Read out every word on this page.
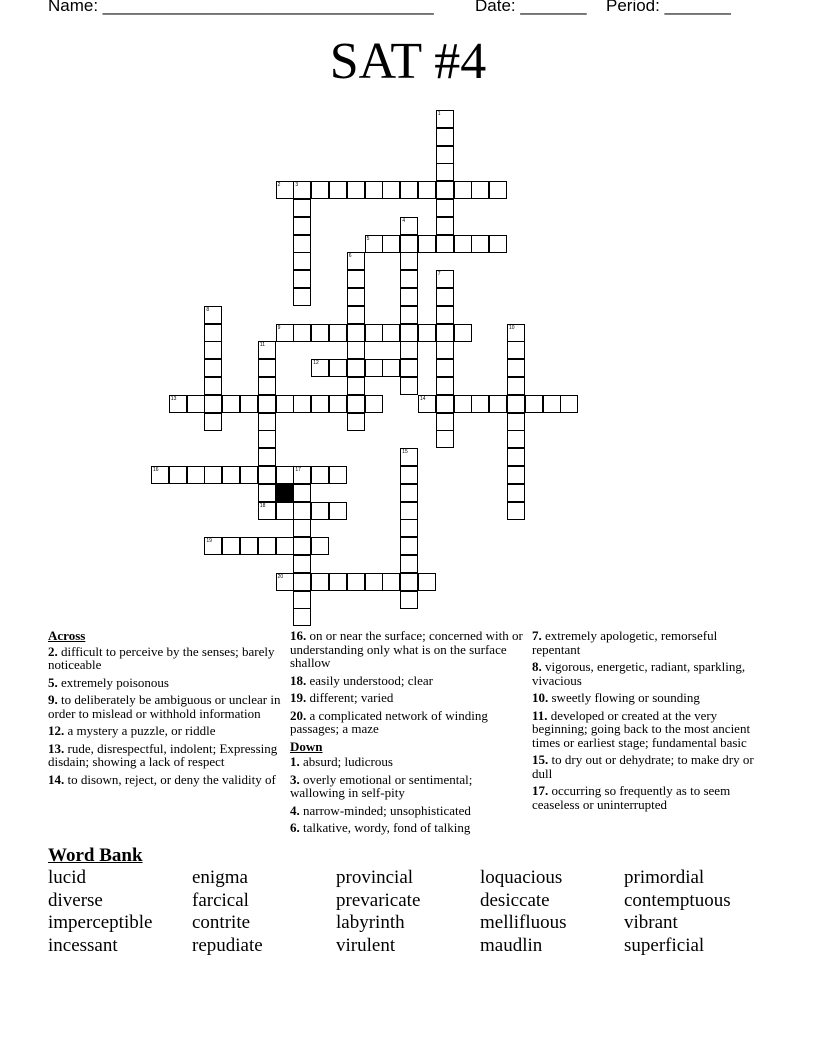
Name: ___________________________________ Date: _______ Period: _______
SAT #4
1
2	3
4
5
6
7
8
9	10
11
18
12
13	14
15
16	17
19
20
Across
2. difficult to perceive by the senses; barely noticeable
5. extremely poisonous
9. to deliberately be ambiguous or unclear in order to mislead or withhold information
12. a mystery a puzzle, or riddle
13. rude, disrespectful, indolent; Expressing disdain; showing a lack of respect
14. to disown, reject, or deny the validity of
16. on or near the surface; concerned with or understanding only what is on the surface shallow
18. easily understood; clear
19. different; varied
20. a complicated network of winding passages; a maze
Down
1. absurd; ludicrous
3. overly emotional or sentimental; wallowing in self-pity
4. narrow-minded; unsophisticated
6. talkative, wordy, fond of talking
7. extremely apologetic, remorseful repentant
8. vigorous, energetic, radiant, sparkling, vivacious
10. sweetly flowing or sounding
11. developed or created at the very beginning; going back to the most ancient times or earliest stage; fundamental basic
15. to dry out or dehydrate; to make dry or dull
17. occurring so frequently as to seem ceaseless or uninterrupted
Word Bank
lucid	enigma	provincial	loquacious	primordial
diverse	farcical	prevaricate	desiccate	contemptuous
imperceptible	contrite	labyrinth	mellifluous	vibrant
incessant	repudiate	virulent	maudlin	superficial
